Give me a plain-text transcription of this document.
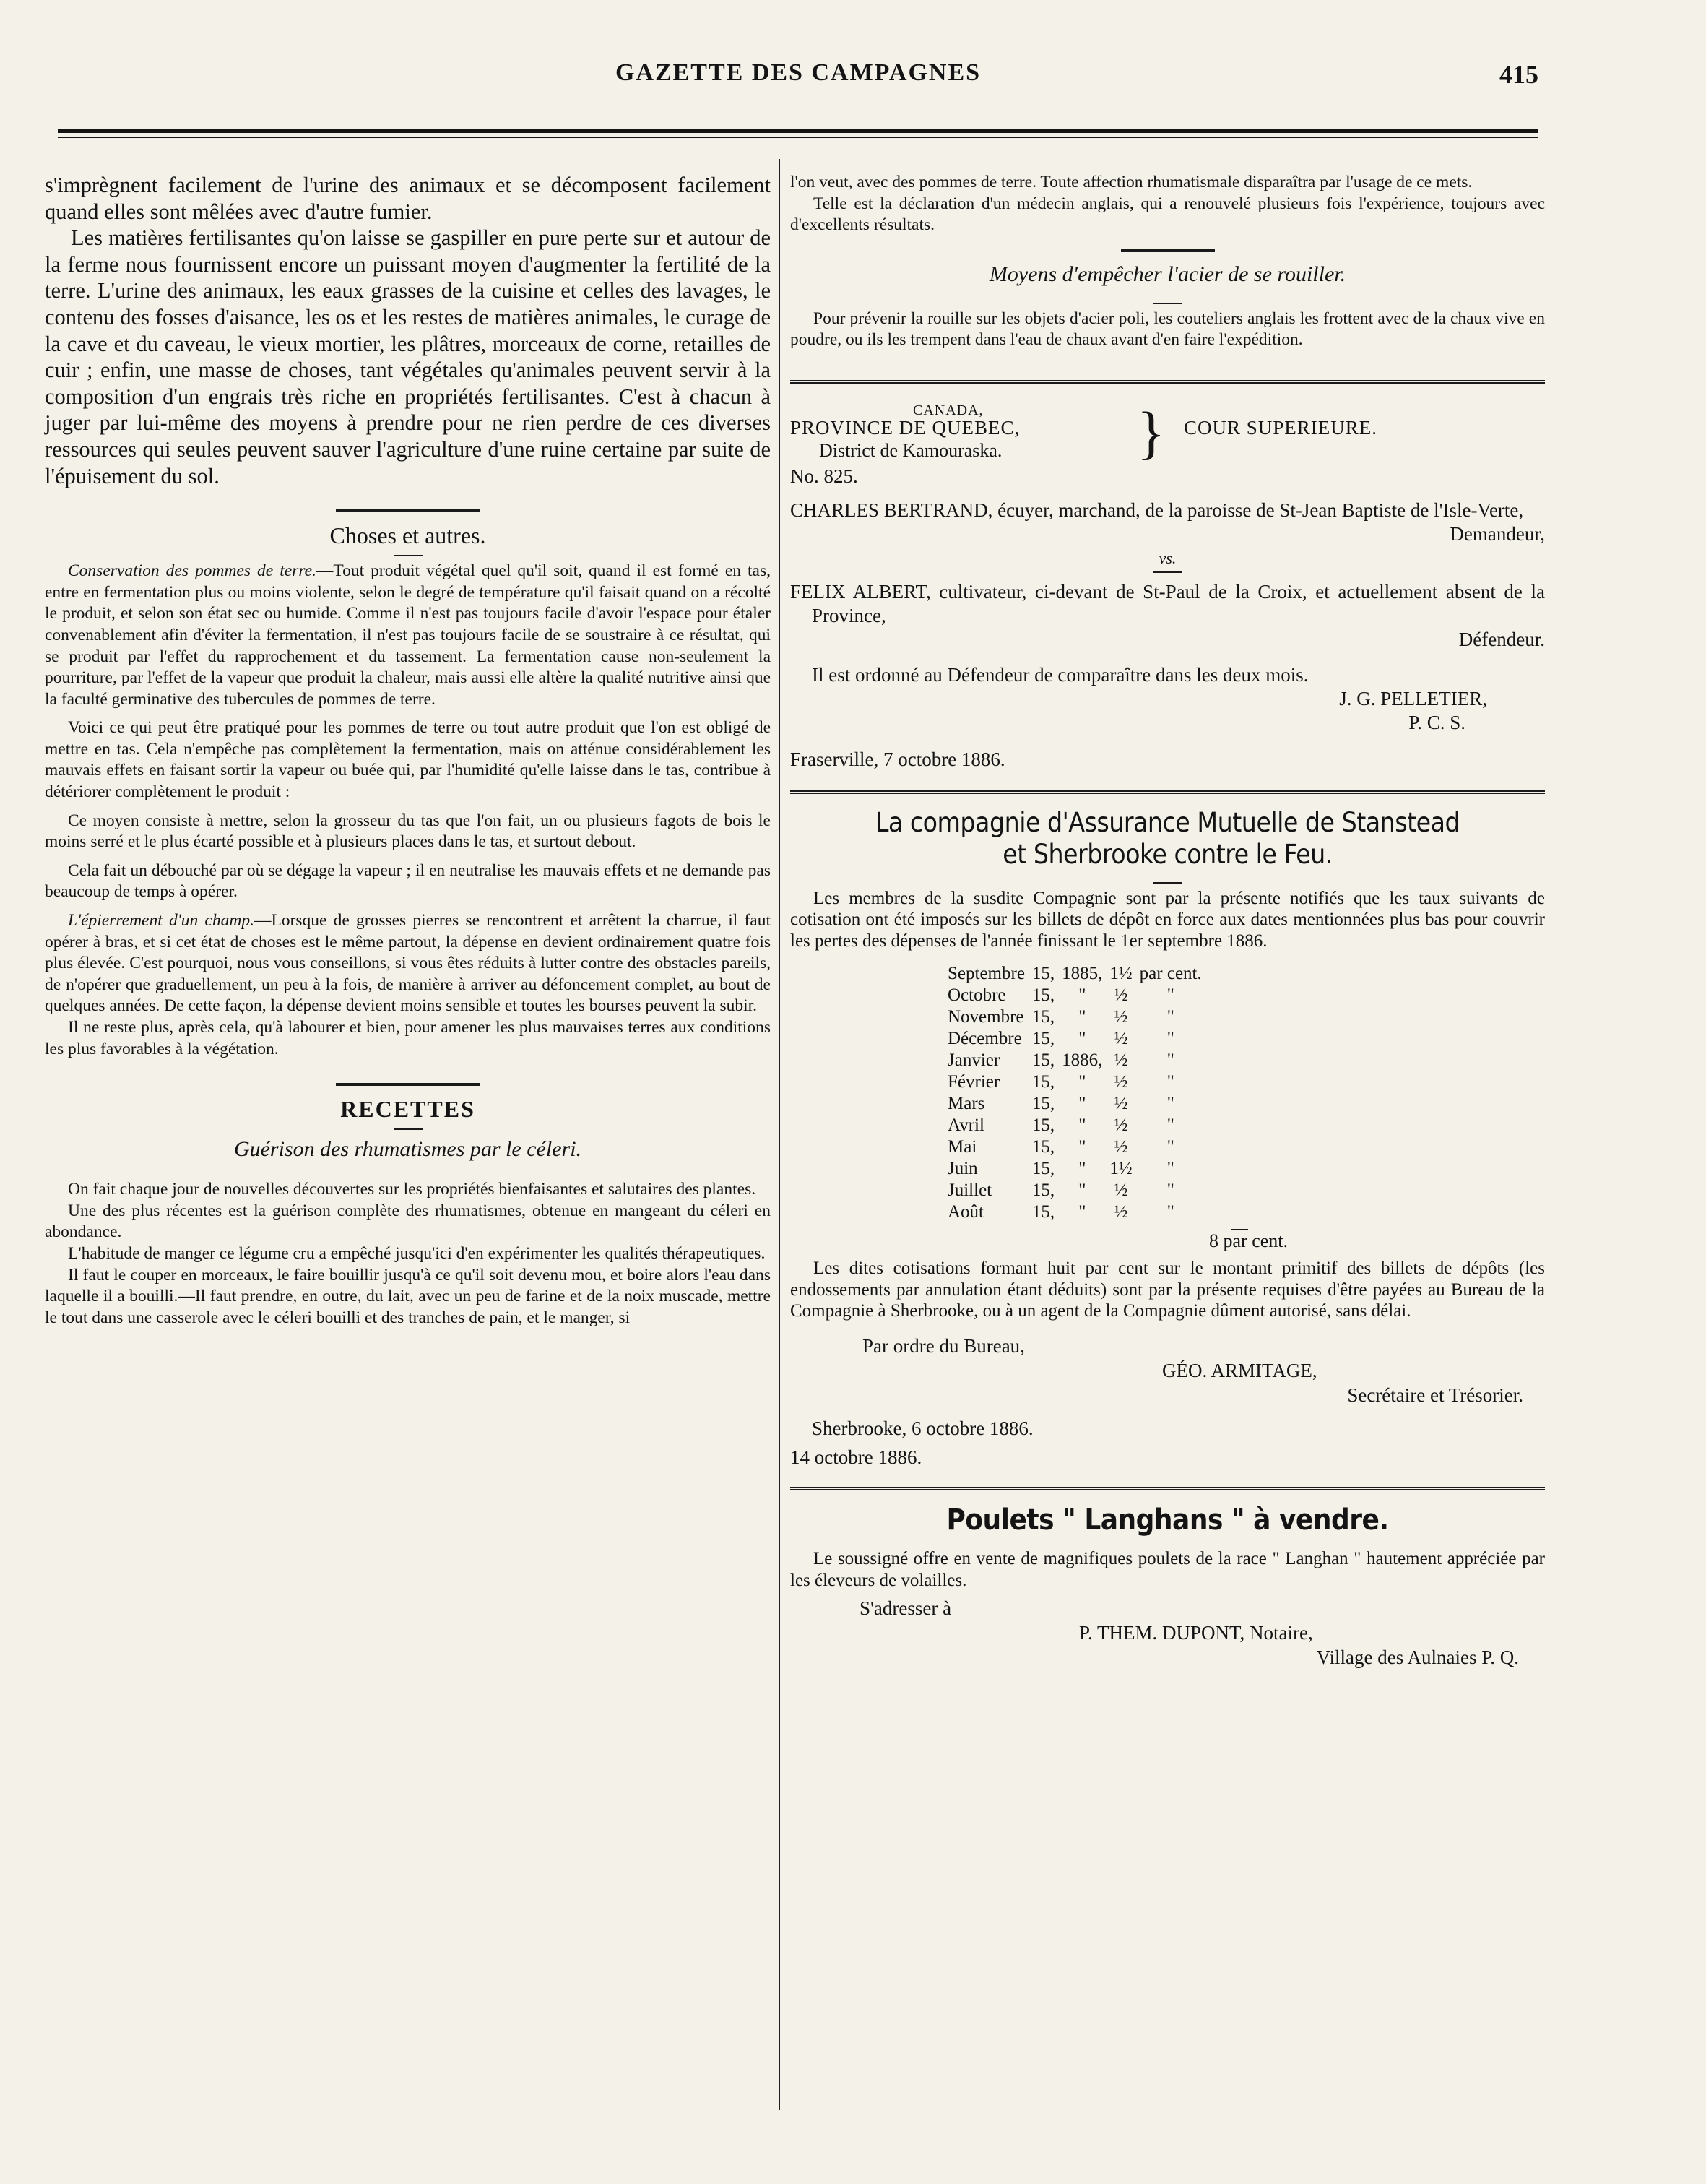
GAZETTE DES CAMPAGNES	415

s'imprègnent facilement de l'urine des animaux et se décomposent facilement quand elles sont mêlées avec d'autre fumier.

Les matières fertilisantes qu'on laisse se gaspiller en pure perte sur et autour de la ferme nous fournissent encore un puissant moyen d'augmenter la fertilité de la terre. L'urine des animaux, les eaux grasses de la cuisine et celles des lavages, le contenu des fosses d'aisance, les os et les restes de matières animales, le curage de la cave et du caveau, le vieux mortier, les plâtres, morceaux de corne, retailles de cuir ; enfin, une masse de choses, tant végétales qu'animales peuvent servir à la composition d'un engrais très riche en propriétés fertilisantes. C'est à chacun à juger par lui-même des moyens à prendre pour ne rien perdre de ces diverses ressources qui seules peuvent sauver l'agriculture d'une ruine certaine par suite de l'épuisement du sol.

Choses et autres.

Conservation des pommes de terre.—Tout produit végétal quel qu'il soit, quand il est formé en tas, entre en fermentation plus ou moins violente, selon le degré de température qu'il faisait quand on a récolté le produit, et selon son état sec ou humide. Comme il n'est pas toujours facile d'avoir l'espace pour étaler convenablement afin d'éviter la fermentation, il n'est pas toujours facile de se soustraire à ce résultat, qui se produit par l'effet du rapprochement et du tassement. La fermentation cause non-seulement la pourriture, par l'effet de la vapeur que produit la chaleur, mais aussi elle altère la qualité nutritive ainsi que la faculté germinative des tubercules de pommes de terre.

Voici ce qui peut être pratiqué pour les pommes de terre ou tout autre produit que l'on est obligé de mettre en tas. Cela n'empêche pas complètement la fermentation, mais on atténue considérablement les mauvais effets en faisant sortir la vapeur ou buée qui, par l'humidité qu'elle laisse dans le tas, contribue à détériorer complètement le produit :

Ce moyen consiste à mettre, selon la grosseur du tas que l'on fait, un ou plusieurs fagots de bois le moins serré et le plus écarté possible et à plusieurs places dans le tas, et surtout debout.

Cela fait un débouché par où se dégage la vapeur ; il en neutralise les mauvais effets et ne demande pas beaucoup de temps à opérer.

L'épierrement d'un champ.—Lorsque de grosses pierres se rencontrent et arrêtent la charrue, il faut opérer à bras, et si cet état de choses est le même partout, la dépense en devient ordinairement quatre fois plus élevée. C'est pourquoi, nous vous conseillons, si vous êtes réduits à lutter contre des obstacles pareils, de n'opérer que graduellement, un peu à la fois, de manière à arriver au défoncement complet, au bout de quelques années. De cette façon, la dépense devient moins sensible et toutes les bourses peuvent la subir.

Il ne reste plus, après cela, qu'à labourer et bien, pour amener les plus mauvaises terres aux conditions les plus favorables à la végétation.

RECETTES
Guérison des rhumatismes par le céleri.

On fait chaque jour de nouvelles découvertes sur les propriétés bienfaisantes et salutaires des plantes.

Une des plus récentes est la guérison complète des rhumatismes, obtenue en mangeant du céleri en abondance.

L'habitude de manger ce légume cru a empêché jusqu'ici d'en expérimenter les qualités thérapeutiques.

Il faut le couper en morceaux, le faire bouillir jusqu'à ce qu'il soit devenu mou, et boire alors l'eau dans laquelle il a bouilli.—Il faut prendre, en outre, du lait, avec un peu de farine et de la noix muscade, mettre le tout dans une casserole avec le céleri bouilli et des tranches de pain, et le manger, si

l'on veut, avec des pommes de terre. Toute affection rhumatismale disparaîtra par l'usage de ce mets.

Telle est la déclaration d'un médecin anglais, qui a renouvelé plusieurs fois l'expérience, toujours avec d'excellents résultats.

Moyens d'empêcher l'acier de se rouiller.

Pour prévenir la rouille sur les objets d'acier poli, les couteliers anglais les frottent avec de la chaux vive en poudre, ou ils les trempent dans l'eau de chaux avant d'en faire l'expédition.

CANADA,
PROVINCE DE QUEBEC,
District de Kamouraska. } COUR SUPERIEURE.

No. 825.

CHARLES BERTRAND, écuyer, marchand, de la paroisse de St-Jean Baptiste de l'Isle-Verte,

Demandeur,

vs.

FELIX ALBERT, cultivateur, ci-devant de St-Paul de la Croix, et actuellement absent de la Province,

Défendeur.

Il est ordonné au Défendeur de comparaître dans les deux mois.

J. G. PELLETIER,

P. C. S.

Fraserville, 7 octobre 1886.

La compagnie d'Assurance Mutuelle de Stanstead
et Sherbrooke contre le Feu.

Les membres de la susdite Compagnie sont par la présente notifiés que les taux suivants de cotisation ont été imposés sur les billets de dépôt en force aux dates mentionnées plus bas pour couvrir les pertes des dépenses de l'année finissant le 1er septembre 1886.

Septembre	15,	1885,	1½	par cent.
Octobre	15,	"	½	"
Novembre	15,	"	½	"
Décembre	15,	"	½	"
Janvier	15,	1886,	½	"
Février	15,	"	½	"
Mars	15,	"	½	"
Avril	15,	"	½	"
Mai	15,	"	½	"
Juin	15,	"	1½	"
Juillet	15,	"	½	"
Août	15,	"	½	"
8 par cent.

Les dites cotisations formant huit par cent sur le montant primitif des billets de dépôts (les endossements par annulation étant déduits) sont par la présente requises d'être payées au Bureau de la Compagnie à Sherbrooke, ou à un agent de la Compagnie dûment autorisé, sans délai.

Par ordre du Bureau,
GÉO. ARMITAGE,
Secrétaire et Trésorier.
Sherbrooke, 6 octobre 1886.
14 octobre 1886.
Poulets " Langhans " à vendre.

Le soussigné offre en vente de magnifiques poulets de la race " Langhan " hautement appréciée par les éleveurs de volailles.

S'adresser à
P. THEM. DUPONT, Notaire,
Village des Aulnaies P. Q.
